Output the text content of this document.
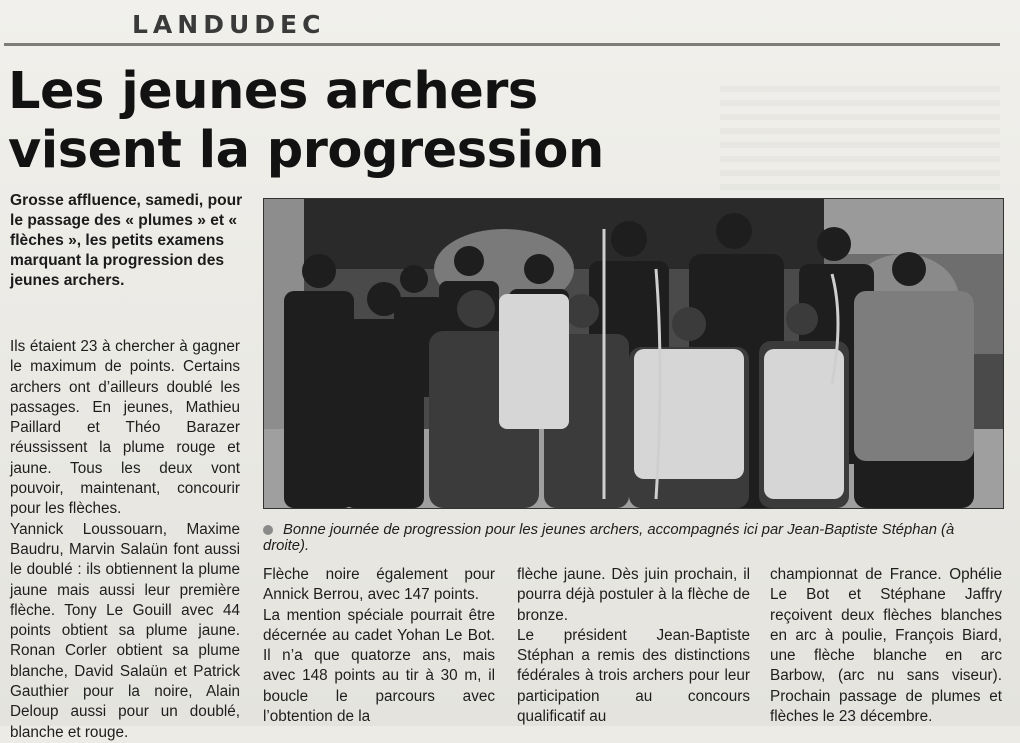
LANDUDEC
Les jeunes archers
visent la progression
Grosse affluence, samedi, pour le passage des « plumes » et « flèches », les petits examens marquant la progression des jeunes archers.
Bonne journée de progression pour les jeunes archers, accompagnés ici par Jean-Baptiste Stéphan (à droite).

Ils étaient 23 à chercher à gagner le maximum de points. Certains archers ont d’ailleurs doublé les passages. En jeunes, Mathieu Paillard et Théo Barazer réussissent la plume rouge et jaune. Tous les deux vont pouvoir, maintenant, concourir pour les flèches.

Yannick Loussouarn, Maxime Baudru, Marvin Salaün font aussi le doublé : ils obtiennent la plume jaune mais aussi leur première flèche. Tony Le Gouill avec 44 points obtient sa plume jaune. Ronan Corler obtient sa plume blanche, David Salaün et Patrick Gauthier pour la noire, Alain Deloup aussi pour un doublé, blanche et rouge.

Flèche noire également pour Annick Berrou, avec 147 points.

La mention spéciale pourrait être décernée au cadet Yohan Le Bot. Il n’a que quatorze ans, mais avec 148 points au tir à 30 m, il boucle le parcours avec l’obtention de la

flèche jaune. Dès juin prochain, il pourra déjà postuler à la flèche de bronze.

Le président Jean-Baptiste Stéphan a remis des distinctions fédérales à trois archers pour leur participation au concours qualificatif au

championnat de France. Ophélie Le Bot et Stéphane Jaffry reçoivent deux flèches blanches en arc à poulie, François Biard, une flèche blanche en arc Barbow, (arc nu sans viseur). Prochain passage de plumes et flèches le 23 décembre.
